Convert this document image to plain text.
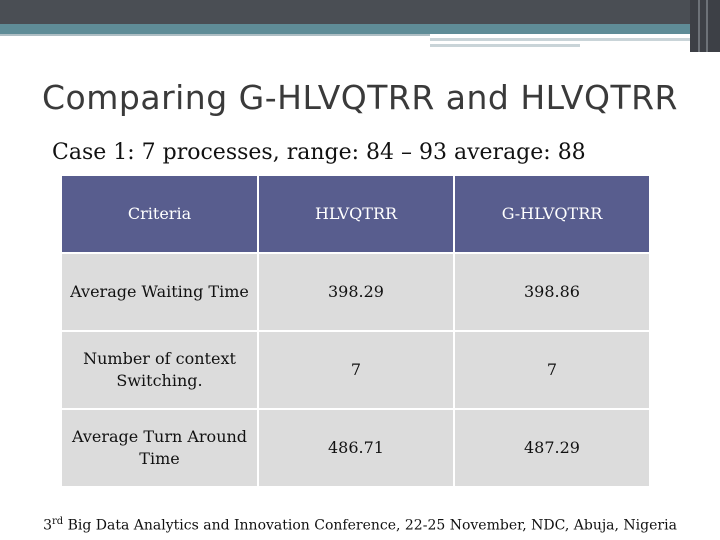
Comparing G-HLVQTRR and HLVQTRR
Case 1: 7 processes, range: 84 – 93 average: 88
Criteria	HLVQTRR	G-HLVQTRR
Average Waiting Time	398.29	398.86
Number of context Switching.	7	7
Average Turn Around Time	486.71	487.29
3rd Big Data Analytics and Innovation Conference, 22-25 November, NDC, Abuja, Nigeria
